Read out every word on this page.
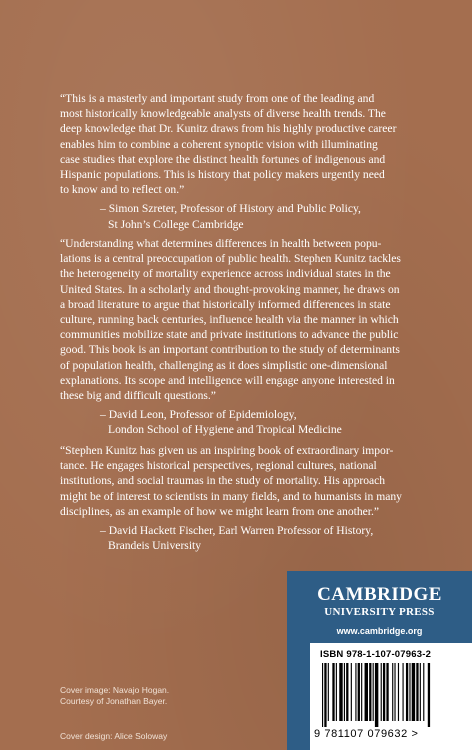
“This is a masterly and important study from one of the leading and
most historically knowledgeable analysts of diverse health trends. The
deep knowledge that Dr. Kunitz draws from his highly productive career
enables him to combine a coherent synoptic vision with illuminating
case studies that explore the distinct health fortunes of indigenous and
Hispanic populations. This is history that policy makers urgently need
to know and to reflect on.”

– Simon Szreter, Professor of History and Public Policy,
St John’s College Cambridge

“Understanding what determines differences in health between popu-
lations is a central preoccupation of public health. Stephen Kunitz tackles
the heterogeneity of mortality experience across individual states in the
United States. In a scholarly and thought-provoking manner, he draws on
a broad literature to argue that historically informed differences in state
culture, running back centuries, influence health via the manner in which
communities mobilize state and private institutions to advance the public
good. This book is an important contribution to the study of determinants
of population health, challenging as it does simplistic one-dimensional
explanations. Its scope and intelligence will engage anyone interested in
these big and difficult questions.”

– David Leon, Professor of Epidemiology,
London School of Hygiene and Tropical Medicine

“Stephen Kunitz has given us an inspiring book of extraordinary impor-
tance. He engages historical perspectives, regional cultures, national
institutions, and social traumas in the study of mortality. His approach
might be of interest to scientists in many fields, and to humanists in many
disciplines, as an example of how we might learn from one another.”

– David Hackett Fischer, Earl Warren Professor of History,
Brandeis University
Cover image: Navajo Hogan.
Courtesy of Jonathan Bayer.
Cover design: Alice Soloway
CAMBRIDGE
UNIVERSITY PRESS
www.cambridge.org
ISBN 978-1-107-07963-2
9 781107 079632 >
